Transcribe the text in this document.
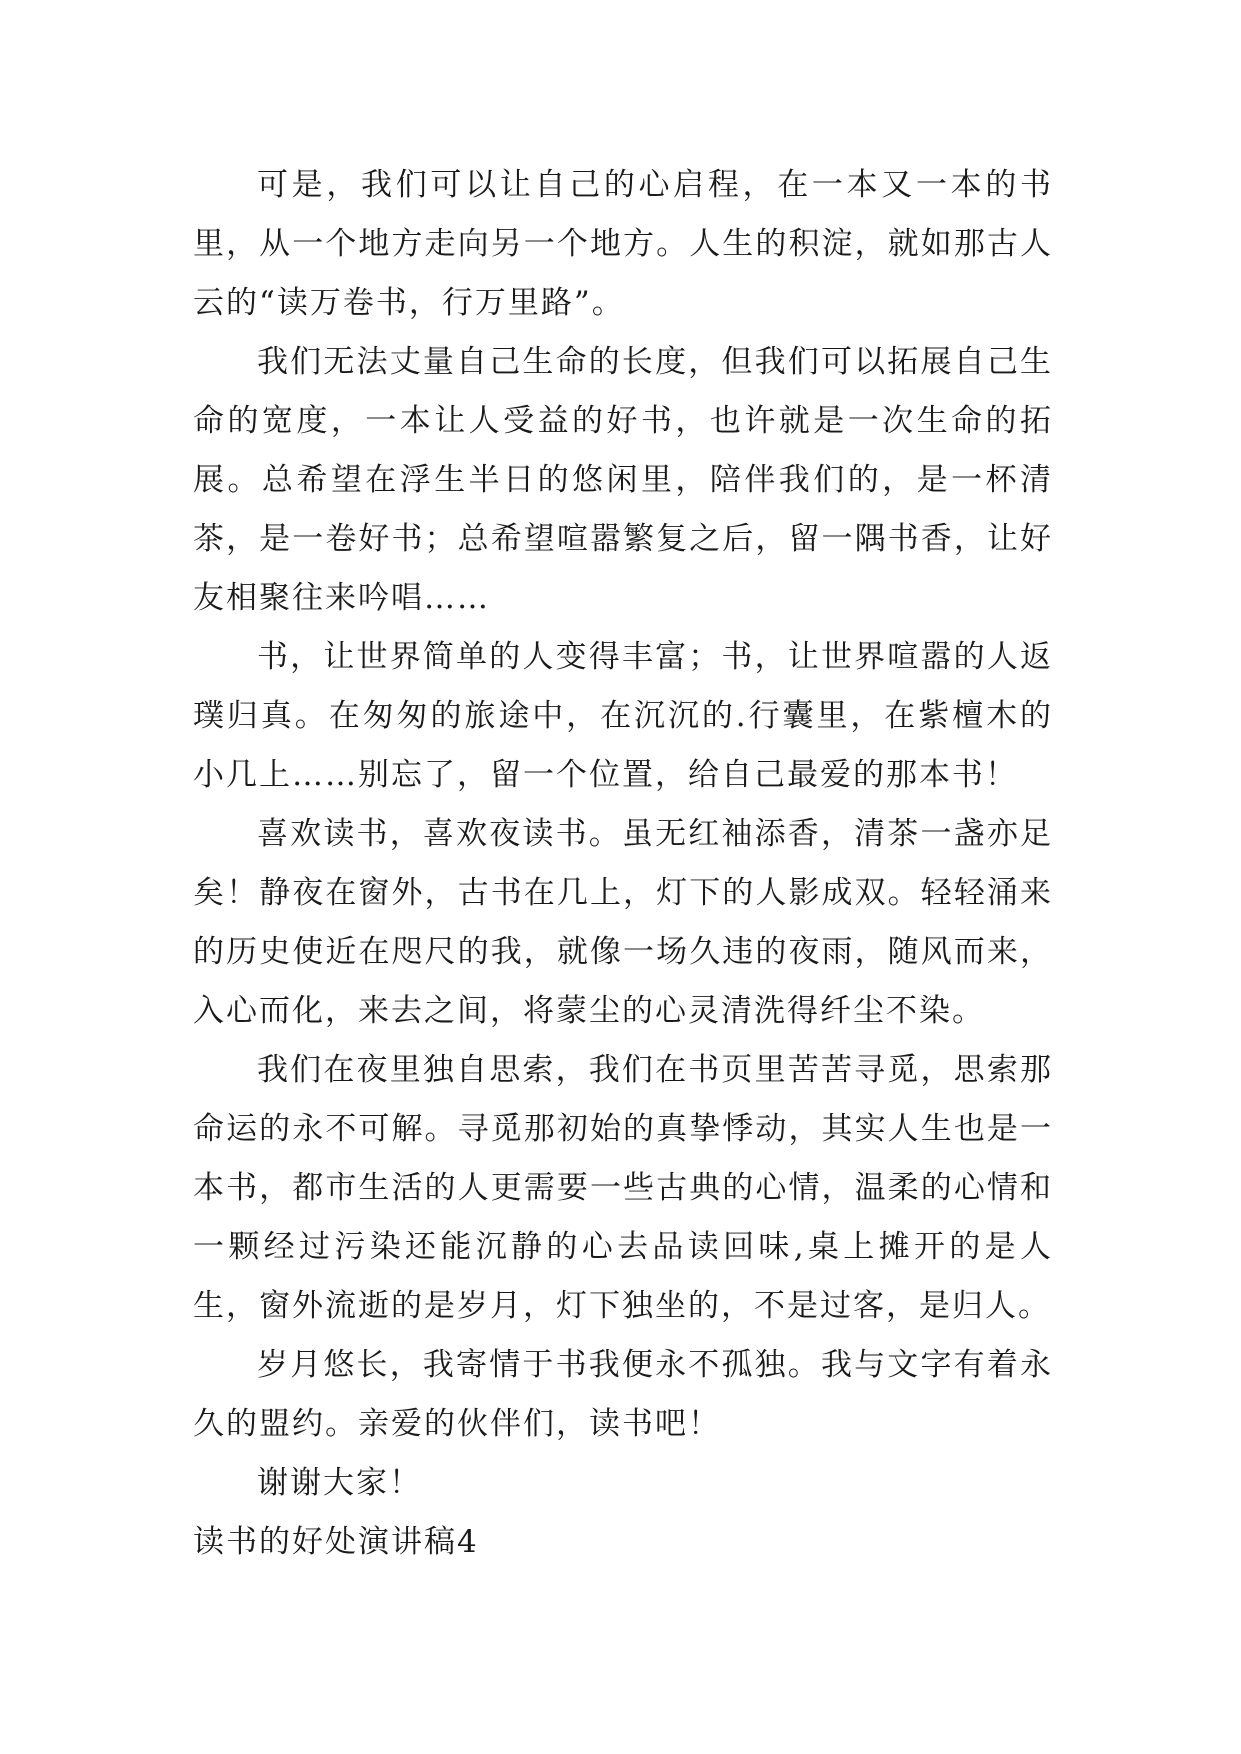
可是，我们可以让自己的心启程，在一本又一本的书里，从一个地方走向另一个地方。人生的积淀，就如那古人云的“读万卷书，行万里路”。

我们无法丈量自己生命的长度，但我们可以拓展自己生命的宽度，一本让人受益的好书，也许就是一次生命的拓展。总希望在浮生半日的悠闲里，陪伴我们的，是一杯清茶，是一卷好书；总希望喧嚣繁复之后，留一隅书香，让好友相聚往来吟唱……

书，让世界简单的人变得丰富；书，让世界喧嚣的人返璞归真。在匆匆的旅途中，在沉沉的.行囊里，在紫檀木的小几上……别忘了，留一个位置，给自己最爱的那本书！

喜欢读书，喜欢夜读书。虽无红袖添香，清茶一盏亦足矣！静夜在窗外，古书在几上，灯下的人影成双。轻轻涌来的历史使近在咫尺的我，就像一场久违的夜雨，随风而来，入心而化，来去之间，将蒙尘的心灵清洗得纤尘不染。

我们在夜里独自思索，我们在书页里苦苦寻觅，思索那命运的永不可解。寻觅那初始的真挚悸动，其实人生也是一本书，都市生活的人更需要一些古典的心情，温柔的心情和一颗经过污染还能沉静的心去品读回味,桌上摊开的是人生，窗外流逝的是岁月，灯下独坐的，不是过客，是归人。

岁月悠长，我寄情于书我便永不孤独。我与文字有着永久的盟约。亲爱的伙伴们，读书吧！

谢谢大家！

读书的好处演讲稿4
